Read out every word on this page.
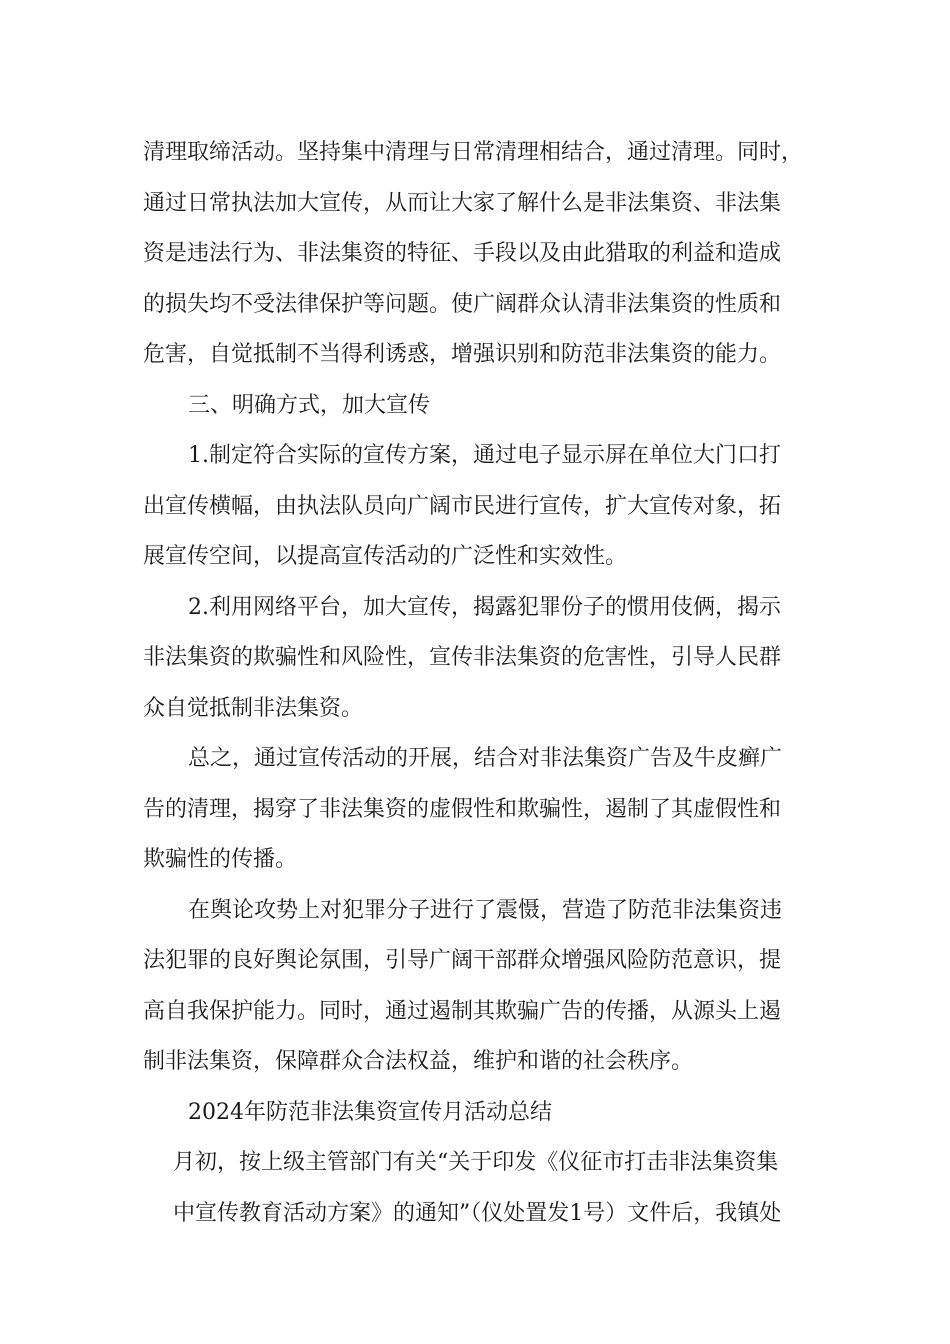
清理取缔活动。坚持集中清理与日常清理相结合，通过清理。同时，
通过日常执法加大宣传，从而让大家了解什么是非法集资、非法集
资是违法行为、非法集资的特征、手段以及由此猎取的利益和造成
的损失均不受法律保护等问题。使广阔群众认清非法集资的性质和
危害，自觉抵制不当得利诱惑，增强识别和防范非法集资的能力。
三、明确方式，加大宣传
1.制定符合实际的宣传方案，通过电子显示屏在单位大门口打
出宣传横幅，由执法队员向广阔市民进行宣传，扩大宣传对象，拓
展宣传空间，以提高宣传活动的广泛性和实效性。
2.利用网络平台，加大宣传，揭露犯罪份子的惯用伎俩，揭示
非法集资的欺骗性和风险性，宣传非法集资的危害性，引导人民群
众自觉抵制非法集资。
总之，通过宣传活动的开展，结合对非法集资广告及牛皮癣广
告的清理，揭穿了非法集资的虚假性和欺骗性，遏制了其虚假性和
欺骗性的传播。
在舆论攻势上对犯罪分子进行了震慑，营造了防范非法集资违
法犯罪的良好舆论氛围，引导广阔干部群众增强风险防范意识，提
高自我保护能力。同时，通过遏制其欺骗广告的传播，从源头上遏
制非法集资，保障群众合法权益，维护和谐的社会秩序。
2024年防范非法集资宣传月活动总结
月初，按上级主管部门有关“关于印发《仪征市打击非法集资集
中宣传教育活动方案》的通知”（仪处置发1号）文件后，我镇处
